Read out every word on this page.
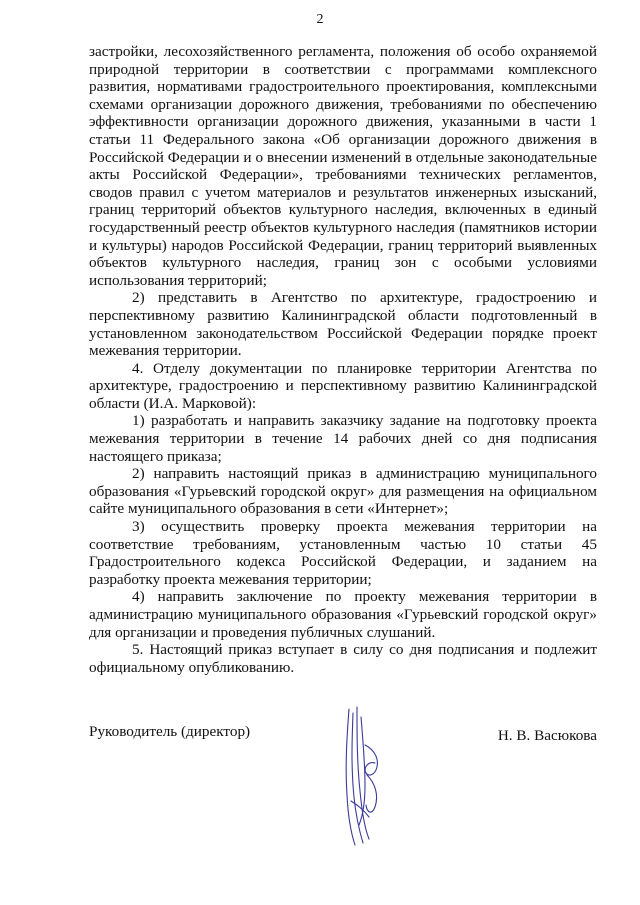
2

застройки, лесохозяйственного регламента, положения об особо охраняемой природной территории в соответствии с программами комплексного развития, нормативами градостроительного проектирования, комплексными схемами организации дорожного движения, требованиями по обеспечению эффективности организации дорожного движения, указанными в части 1 статьи 11 Федерального закона «Об организации дорожного движения в Российской Федерации и о внесении изменений в отдельные законодательные акты Российской Федерации», требованиями технических регламентов, сводов правил с учетом материалов и результатов инженерных изысканий, границ территорий объектов культурного наследия, включенных в единый государственный реестр объектов культурного наследия (памятников истории и культуры) народов Российской Федерации, границ территорий выявленных объектов культурного наследия, границ зон с особыми условиями использования территорий;

2) представить в Агентство по архитектуре, градостроению и перспективному развитию Калининградской области подготовленный в установленном законодательством Российской Федерации порядке проект межевания территории.

4. Отделу документации по планировке территории Агентства по архитектуре, градостроению и перспективному развитию Калининградской области (И.А. Марковой):

1) разработать и направить заказчику задание на подготовку проекта межевания территории в течение 14 рабочих дней со дня подписания настоящего приказа;

2) направить настоящий приказ в администрацию муниципального образования «Гурьевский городской округ» для размещения на официальном сайте муниципального образования в сети «Интернет»;

3) осуществить проверку проекта межевания территории на соответствие требованиям, установленным частью 10 статьи 45 Градостроительного кодекса Российской Федерации, и заданием на разработку проекта межевания территории;

4) направить заключение по проекту межевания территории в администрацию муниципального образования «Гурьевский городской округ» для организации и проведения публичных слушаний.

5. Настоящий приказ вступает в силу со дня подписания и подлежит официальному опубликованию.

Руководитель (директор)	Н. В. Васюкова
